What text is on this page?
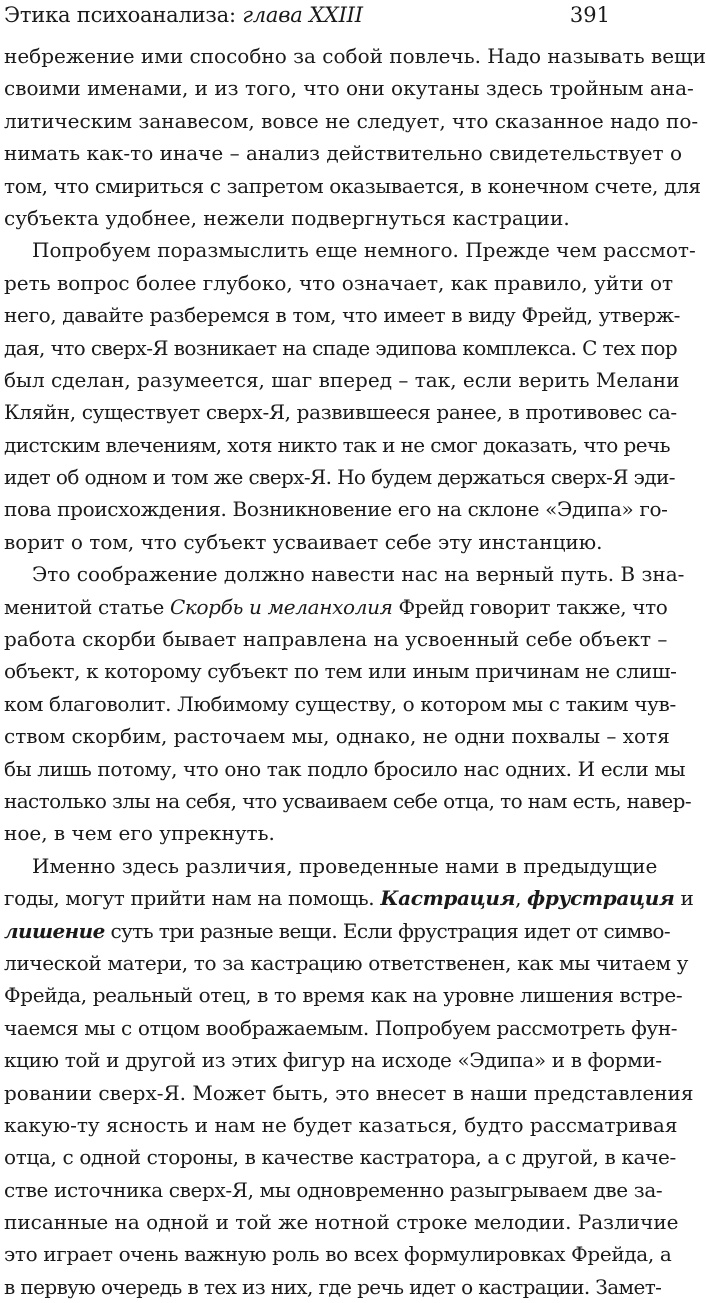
Этика психоанализа: глава XXIII	391
небрежение ими способно за собой повлечь. Надо называть вещи
своими именами, и из того, что они окутаны здесь тройным ана-
литическим занавесом, вовсе не следует, что сказанное надо по-
нимать как-то иначе – анализ действительно свидетельствует о
том, что смириться с запретом оказывается, в конечном счете, для
субъекта удобнее, нежели подвергнуться кастрации.
Попробуем поразмыслить еще немного. Прежде чем рассмот-
реть вопрос более глубоко, что означает, как правило, уйти от
него, давайте разберемся в том, что имеет в виду Фрейд, утверж-
дая, что сверх-Я возникает на спаде эдипова комплекса. С тех пор
был сделан, разумеется, шаг вперед – так, если верить Мелани
Кляйн, существует сверх-Я, развившееся ранее, в противовес са-
дистским влечениям, хотя никто так и не смог доказать, что речь
идет об одном и том же сверх-Я. Но будем держаться сверх-Я эди-
пова происхождения. Возникновение его на склоне «Эдипа» го-
ворит о том, что субъект усваивает себе эту инстанцию.
Это соображение должно навести нас на верный путь. В зна-
менитой статье Скорбь и меланхолия Фрейд говорит также, что
работа скорби бывает направлена на усвоенный себе объект –
объект, к которому субъект по тем или иным причинам не слиш-
ком благоволит. Любимому существу, о котором мы с таким чув-
ством скорбим, расточаем мы, однако, не одни похвалы – хотя
бы лишь потому, что оно так подло бросило нас одних. И если мы
настолько злы на себя, что усваиваем себе отца, то нам есть, навер-
ное, в чем его упрекнуть.
Именно здесь различия, проведенные нами в предыдущие
годы, могут прийти нам на помощь. Кастрация, фрустрация и
лишение суть три разные вещи. Если фрустрация идет от симво-
лической матери, то за кастрацию ответственен, как мы читаем у
Фрейда, реальный отец, в то время как на уровне лишения встре-
чаемся мы с отцом воображаемым. Попробуем рассмотреть фун-
кцию той и другой из этих фигур на исходе «Эдипа» и в форми-
ровании сверх-Я. Может быть, это внесет в наши представления
какую-ту ясность и нам не будет казаться, будто рассматривая
отца, с одной стороны, в качестве кастратора, а с другой, в каче-
стве источника сверх-Я, мы одновременно разыгрываем две за-
писанные на одной и той же нотной строке мелодии. Различие
это играет очень важную роль во всех формулировках Фрейда, а
в первую очередь в тех из них, где речь идет о кастрации. Замет-
